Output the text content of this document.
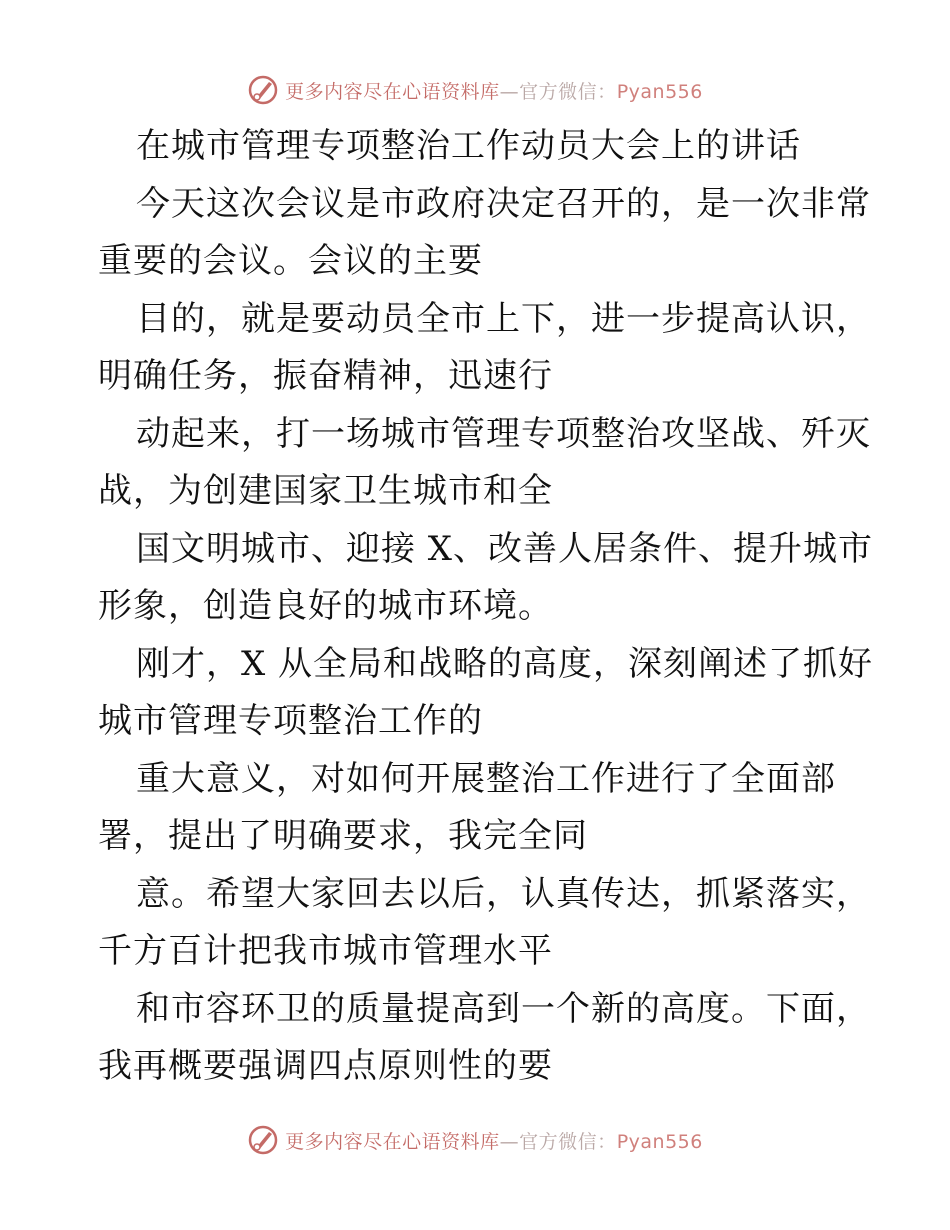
更多内容尽在心语资料库—官方微信：Pyan556
在城市管理专项整治工作动员大会上的讲话
今天这次会议是市政府决定召开的，是一次非常
重要的会议。会议的主要
目的，就是要动员全市上下，进一步提高认识，
明确任务，振奋精神，迅速行
动起来，打一场城市管理专项整治攻坚战、歼灭
战，为创建国家卫生城市和全
国文明城市、迎接 X、改善人居条件、提升城市
形象，创造良好的城市环境。
刚才，X 从全局和战略的高度，深刻阐述了抓好
城市管理专项整治工作的
重大意义，对如何开展整治工作进行了全面部
署，提出了明确要求，我完全同
意。希望大家回去以后，认真传达，抓紧落实，
千方百计把我市城市管理水平
和市容环卫的质量提高到一个新的高度。下面，
我再概要强调四点原则性的要
更多内容尽在心语资料库—官方微信：Pyan556
